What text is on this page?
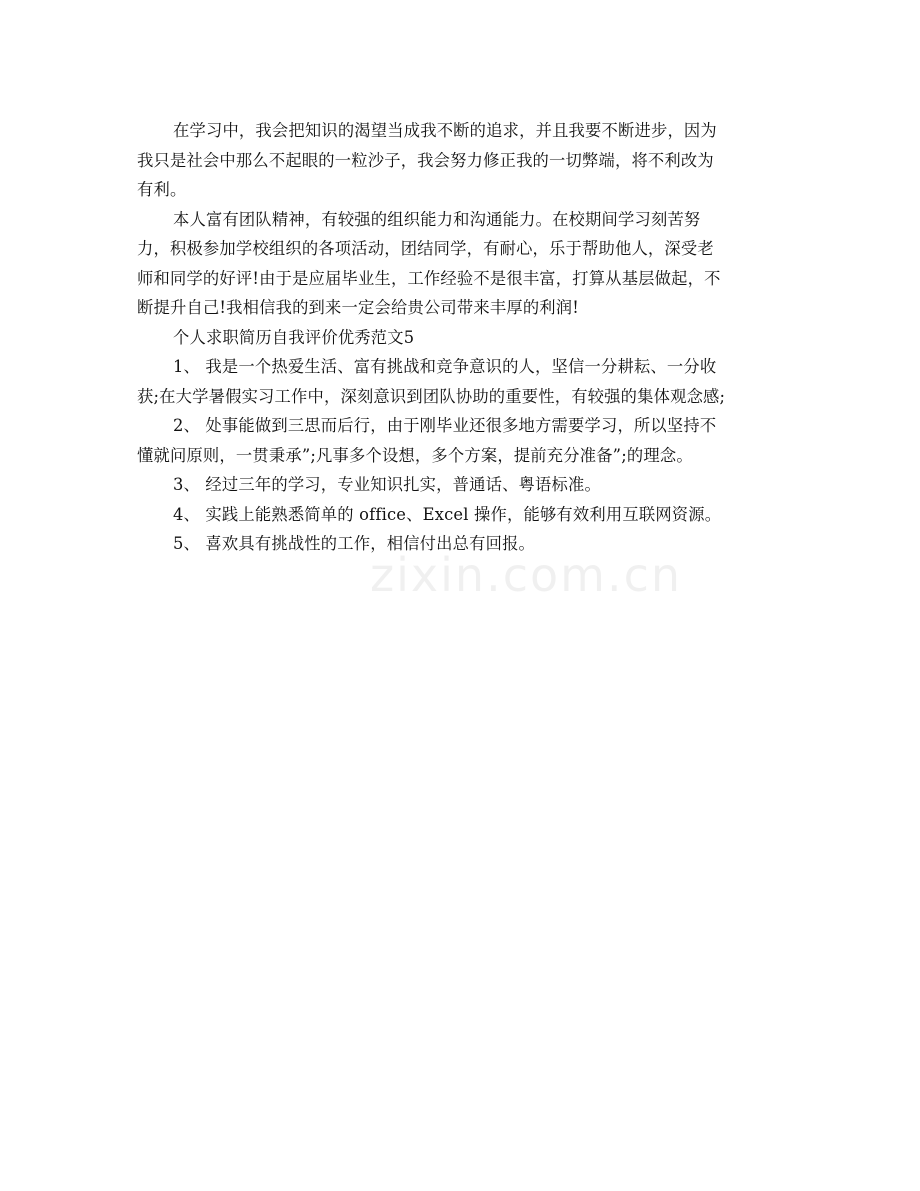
在学习中，我会把知识的渴望当成我不断的追求，并且我要不断进步，因为
我只是社会中那么不起眼的一粒沙子，我会努力修正我的一切弊端，将不利改为
有利。
本人富有团队精神，有较强的组织能力和沟通能力。在校期间学习刻苦努
力，积极参加学校组织的各项活动，团结同学，有耐心，乐于帮助他人，深受老
师和同学的好评!由于是应届毕业生，工作经验不是很丰富，打算从基层做起，不
断提升自己!我相信我的到来一定会给贵公司带来丰厚的利润!
个人求职简历自我评价优秀范文5
1、 我是一个热爱生活、富有挑战和竞争意识的人，坚信一分耕耘、一分收
获;在大学暑假实习工作中，深刻意识到团队协助的重要性，有较强的集体观念感;
2、 处事能做到三思而后行，由于刚毕业还很多地方需要学习，所以坚持不
懂就问原则，一贯秉承”;凡事多个设想，多个方案，提前充分准备”;的理念。
3、 经过三年的学习，专业知识扎实，普通话、粤语标准。
4、 实践上能熟悉简单的 office、Excel 操作，能够有效利用互联网资源。
5、 喜欢具有挑战性的工作，相信付出总有回报。
zixin.com.cn
